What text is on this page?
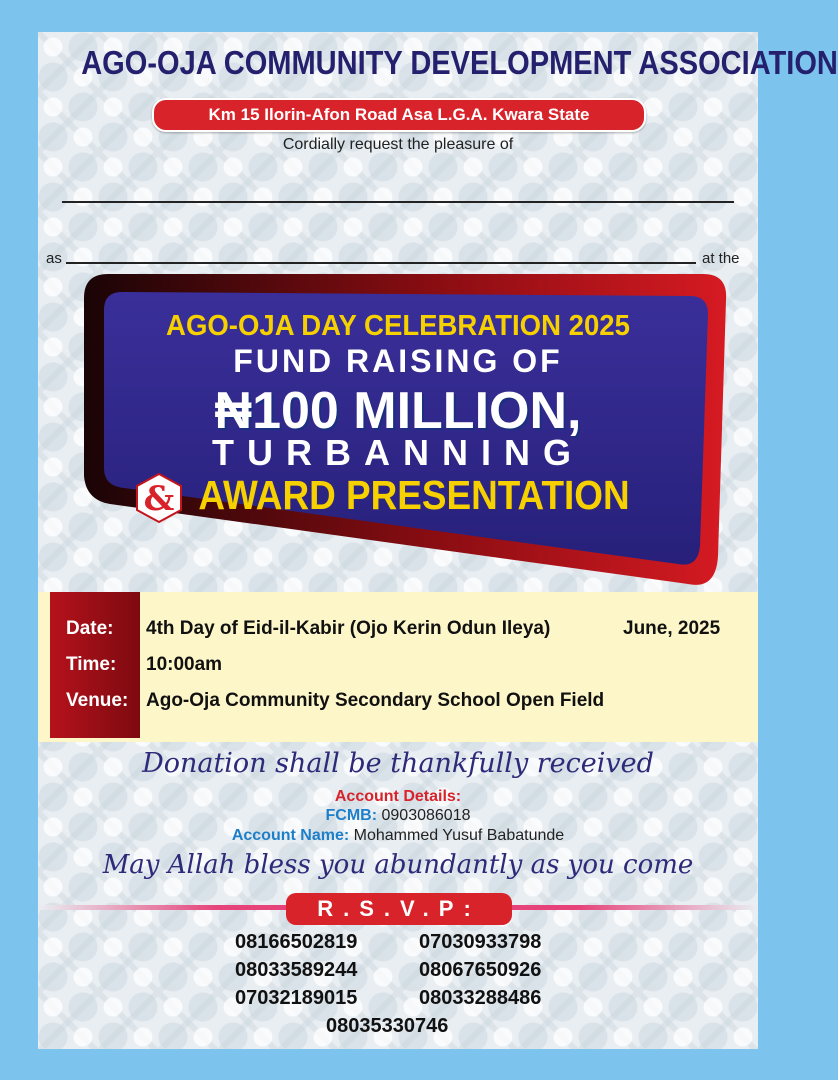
AGO-OJA COMMUNITY DEVELOPMENT ASSOCIATION
Km 15 Ilorin-Afon Road Asa L.G.A. Kwara State
Cordially request the pleasure of
as	at the
AGO-OJA DAY CELEBRATION 2025
FUND RAISING OF
₦100 MILLION,
TURBANNING
& AWARD PRESENTATION
Date: 4th Day of Eid-il-Kabir (Ojo Kerin Odun Ileya)	June, 2025
Time: 10:00am
Venue: Ago-Oja Community Secondary School Open Field
Donation shall be thankfully received
Account Details:
FCMB: 0903086018
Account Name: Mohammed Yusuf Babatunde
May Allah bless you abundantly as you come
R.S.V.P:
08166502819	07030933798
08033589244	08067650926
07032189015	08033288486
08035330746
